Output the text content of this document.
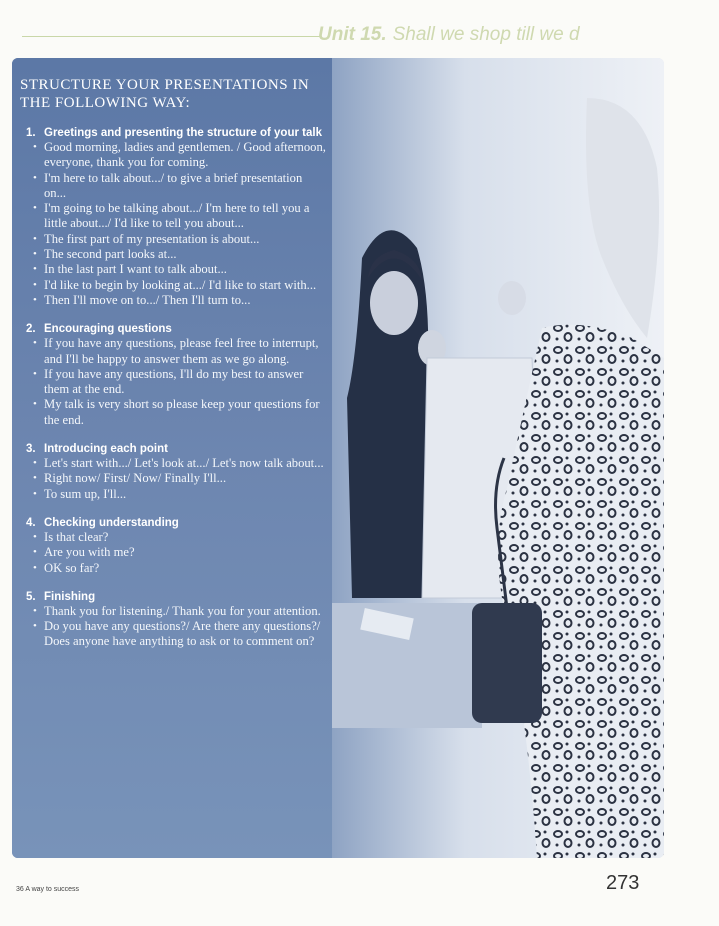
Unit 15. Shall we shop till we d
STRUCTURE YOUR PRESENTATIONS IN THE FOLLOWING WAY:
1. Greetings and presenting the structure of your talk
• Good morning, ladies and gentlemen. / Good afternoon, everyone, thank you for coming.
• I'm here to talk about.../ to give a brief presentation on...
• I'm going to be talking about.../ I'm here to tell you a little about.../ I'd like to tell you about...
• The first part of my presentation is about...
• The second part looks at...
• In the last part I want to talk about...
• I'd like to begin by looking at.../ I'd like to start with...
• Then I'll move on to.../ Then I'll turn to...
2. Encouraging questions
• If you have any questions, please feel free to interrupt, and I'll be happy to answer them as we go along.
• If you have any questions, I'll do my best to answer them at the end.
• My talk is very short so please keep your questions for the end.
3. Introducing each point
• Let's start with.../ Let's look at.../ Let's now talk about...
• Right now/ First/ Now/ Finally I'll...
• To sum up, I'll...
4. Checking understanding
• Is that clear?
• Are you with me?
• OK so far?
5. Finishing
• Thank you for listening./ Thank you for your attention.
• Do you have any questions?/ Are there any questions?/ Does anyone have anything to ask or to comment on?
36 A way to success	273
